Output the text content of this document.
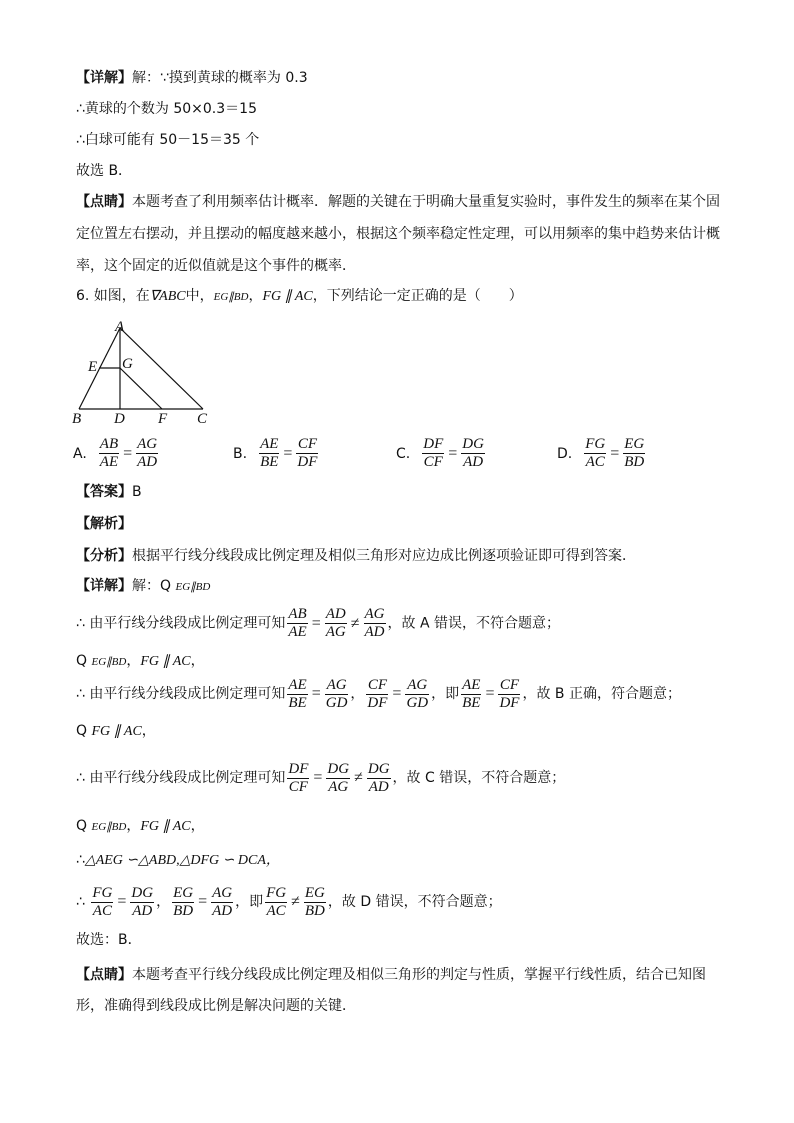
【详解】解：∵摸到黄球的概率为 0.3
∴黄球的个数为 50×0.3＝15
∴白球可能有 50－15＝35 个
故选 B．
【点睛】本题考查了利用频率估计概率．解题的关键在于明确大量重复实验时，事件发生的频率在某个固
定位置左右摆动，并且摆动的幅度越来越小，根据这个频率稳定性定理，可以用频率的集中趋势来估计概
率，这个固定的近似值就是这个事件的概率．
6. 如图，在∇ABC中，EG∥BD，FG ∥ AC，下列结论一定正确的是（　　）
A
E G
B D F C
A. $\frac{AB}{AE} = \frac{AG}{AD}$	B. $\frac{AE}{BE} = \frac{CF}{DF}$	C. $\frac{DF}{CF} = \frac{DG}{AD}$	D. $\frac{FG}{AC} = \frac{EG}{BD}$
【答案】B
【解析】
【分析】根据平行线分线段成比例定理及相似三角形对应边成比例逐项验证即可得到答案．
【详解】解：Q EG∥BD
∴ 由平行线分线段成比例定理可知 $\frac{AB}{AE} = \frac{AD}{AG} \ne \frac{AG}{AD}$ ，故 A 错误，不符合题意；
Q EG∥BD，FG ∥ AC，
∴ 由平行线分线段成比例定理可知 $\frac{AE}{BE} = \frac{AG}{GD}$ ， $\frac{CF}{DF} = \frac{AG}{GD}$ ，即 $\frac{AE}{BE} = \frac{CF}{DF}$ ，故 B 正确，符合题意；
Q FG ∥ AC，
∴ 由平行线分线段成比例定理可知 $\frac{DF}{CF} = \frac{DG}{AG} \ne \frac{DG}{AD}$ ，故 C 错误，不符合题意；
Q EG∥BD，FG ∥ AC，
∴△AEG ∽△ABD,△DFG ∽ DCA，
∴ $\frac{FG}{AC} = \frac{DG}{AD}$ ， $\frac{EG}{BD} = \frac{AG}{AD}$ ，即 $\frac{FG}{AC} \ne \frac{EG}{BD}$ ，故 D 错误，不符合题意；
故选：B．
【点睛】本题考查平行线分线段成比例定理及相似三角形的判定与性质，掌握平行线性质，结合已知图
形，准确得到线段成比例是解决问题的关键．
